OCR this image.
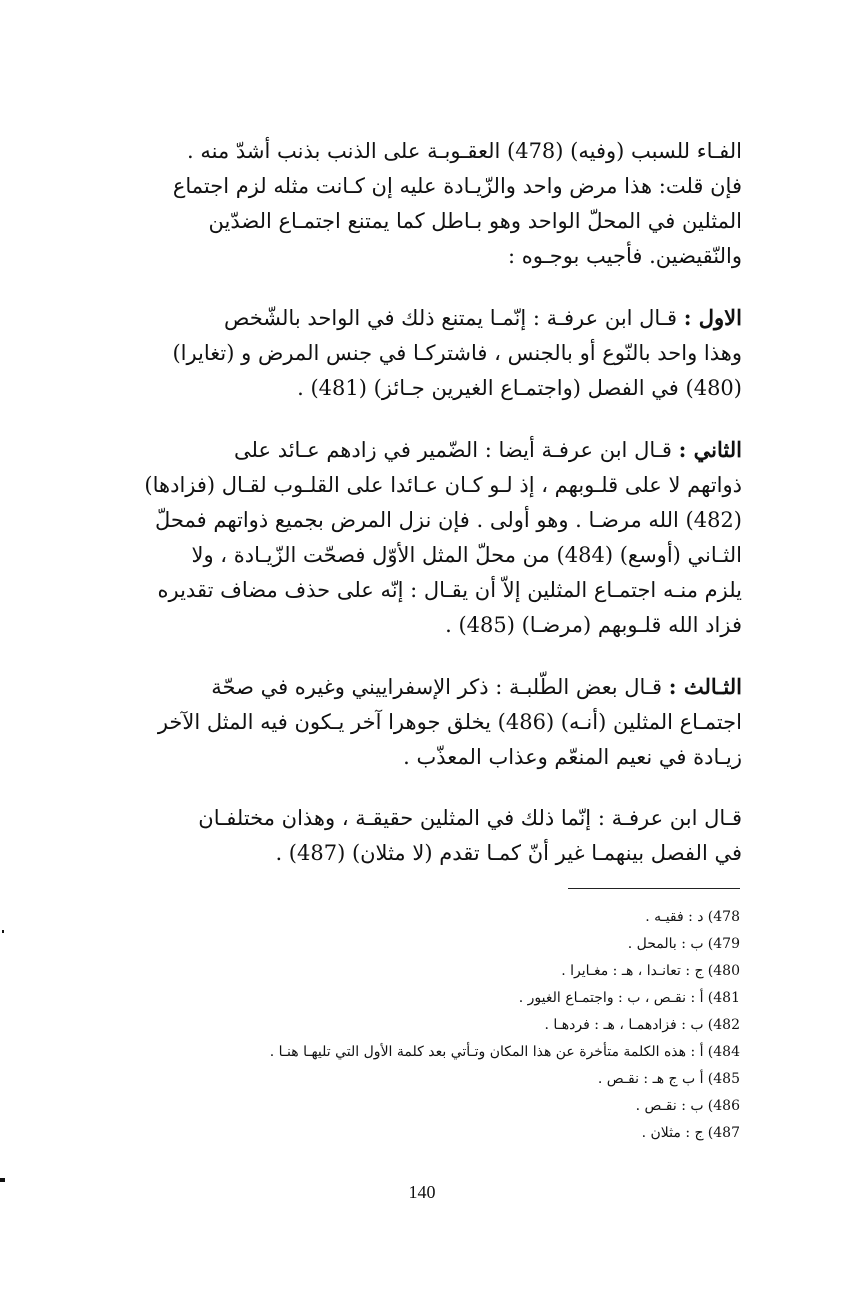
الفـاء للسبب (وفيه) (478) العقـوبـة على الذنب بذنب أشدّ منه .

فإن قلت: هذا مرض واحد والزّيـادة عليه إن كـانت مثله لزم اجتماع

المثلين في المحلّ الواحد وهو بـاطل كما يمتنع اجتمـاع الضدّين

والنّقيضين. فأجيب بوجـوه :

الاول : قـال ابن عرفـة : إنّمـا يمتنع ذلك في الواحد بالشّخص

وهذا واحد بالنّوع أو بالجنس ، فاشتركـا في جنس المرض و (تغايرا)

(480) في الفصل (واجتمـاع الغيرين جـائز) (481) .

الثاني : قـال ابن عرفـة أيضا : الضّمير في زادهم عـائد على

ذواتهم لا على قلـوبهم ، إذ لـو كـان عـائدا على القلـوب لقـال (فزادها)

(482) الله مرضـا . وهو أولى . فإن نزل المرض بجميع ذواتهم فمحلّ

الثـاني (أوسع) (484) من محلّ المثل الأوّل فصحّت الزّيـادة ، ولا

يلزم منـه اجتمـاع المثلين إلاّ أن يقـال : إنّه على حذف مضاف تقديره

فزاد الله قلـوبهم (مرضـا) (485) .

الثـالث : قـال بعض الطّلبـة : ذكر الإسفراييني وغيره في صحّة

اجتمـاع المثلين (أنـه) (486) يخلق جوهرا آخر يـكون فيه المثل الآخر

زيـادة في نعيم المنعّم وعذاب المعذّب .

قـال ابن عرفـة : إنّما ذلك في المثلين حقيقـة ، وهذان مختلفـان

في الفصل بينهمـا غير أنّ كمـا تقدم (لا مثلان) (487) .

478)

د : فقيـه .
479)

ب : بالمحل .
480)

ج : تعانـدا ، هـ : مغـايرا .
481)

أ : نقـص ، ب : واجتمـاع الغيور .
482)

ب : فزادهمـا ، هـ : فردهـا .
484)

أ : هذه الكلمة متأخرة عن هذا المكان وتـأتي بعد كلمة الأول التي تليهـا هنـا .
485)

أ ب ج هـ : نقـص .
486)

ب : نقـص .
487)

ج : مثلان .
140
